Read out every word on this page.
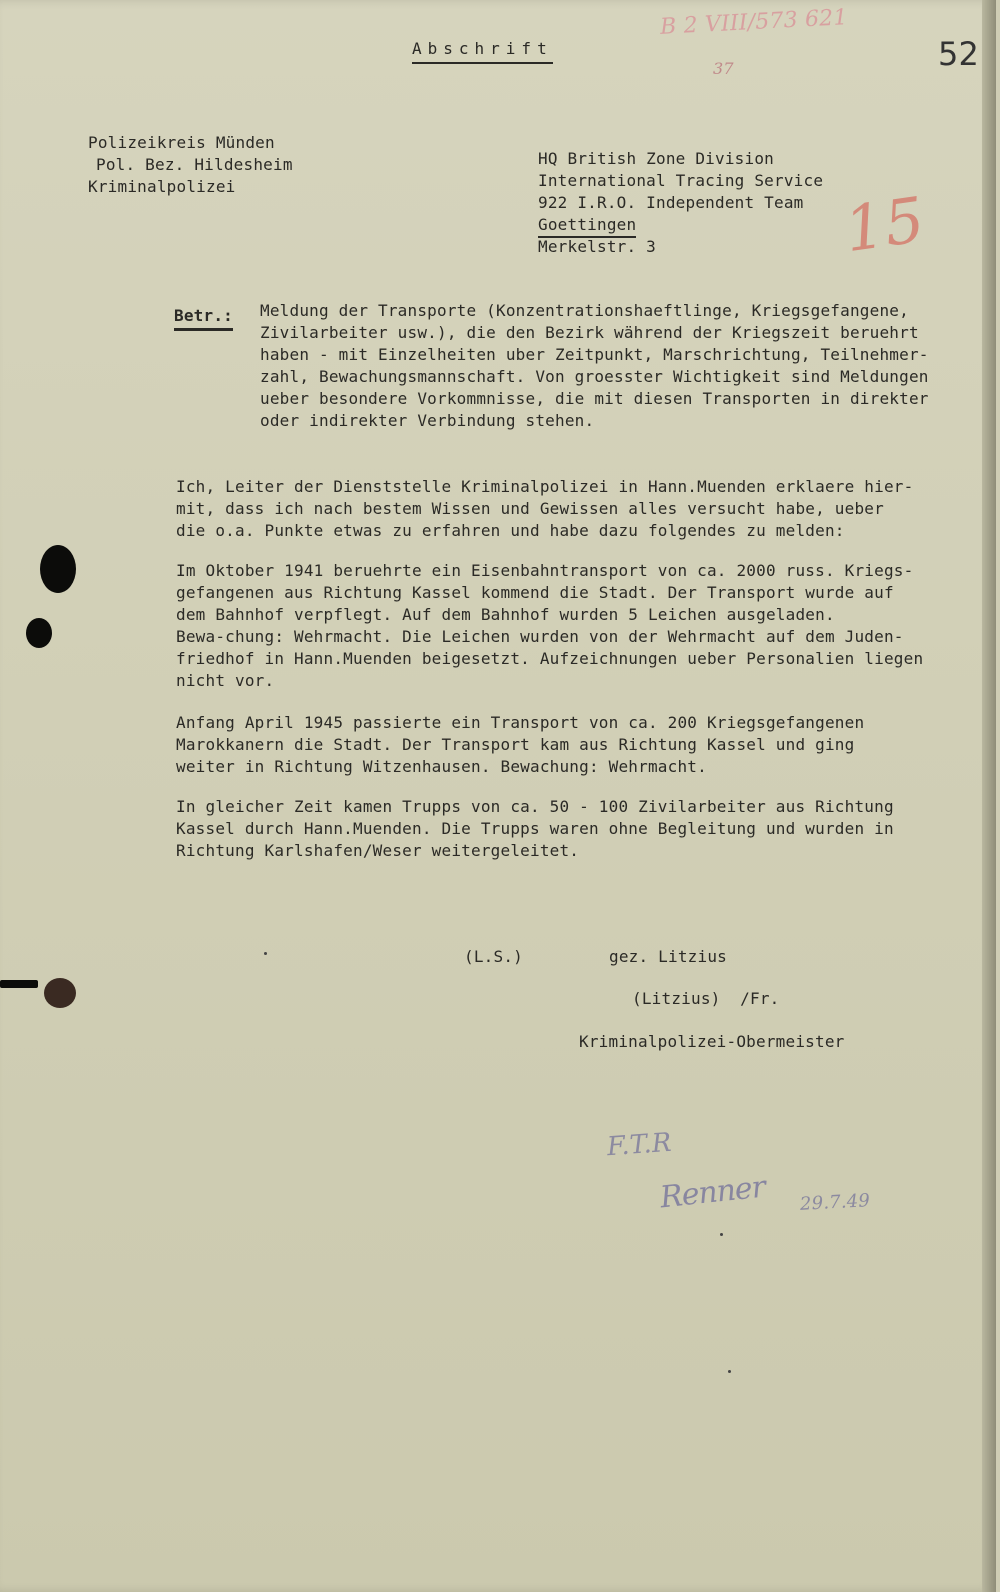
B 2 VIII/573 621
Abschrift	52
37
Polizeikreis Münden
Pol. Bez. Hildesheim
Kriminalpolizei
HQ British Zone Division
International Tracing Service
922 I.R.O. Independent Team
Goettingen
Merkelstr. 3	15
Betr.: Meldung der Transporte (Konzentrationshaeftlinge, Kriegsgefangene,
Zivilarbeiter usw.), die den Bezirk während der Kriegszeit beruehrt
haben - mit Einzelheiten uber Zeitpunkt, Marschrichtung, Teilnehmer-
zahl, Bewachungsmannschaft. Von groesster Wichtigkeit sind Meldungen
ueber besondere Vorkommnisse, die mit diesen Transporten in direkter
oder indirekter Verbindung stehen.
Ich, Leiter der Dienststelle Kriminalpolizei in Hann.Muenden erklaere hier-
mit, dass ich nach bestem Wissen und Gewissen alles versucht habe, ueber
die o.a. Punkte etwas zu erfahren und habe dazu folgendes zu melden:
Im Oktober 1941 beruehrte ein Eisenbahntransport von ca. 2000 russ. Kriegs-
gefangenen aus Richtung Kassel kommend die Stadt. Der Transport wurde auf
dem Bahnhof verpflegt. Auf dem Bahnhof wurden 5 Leichen ausgeladen.
Bewa-chung: Wehrmacht. Die Leichen wurden von der Wehrmacht auf dem Juden-
friedhof in Hann.Muenden beigesetzt. Aufzeichnungen ueber Personalien liegen
nicht vor.
Anfang April 1945 passierte ein Transport von ca. 200 Kriegsgefangenen
Marokkanern die Stadt. Der Transport kam aus Richtung Kassel und ging
weiter in Richtung Witzenhausen. Bewachung: Wehrmacht.
In gleicher Zeit kamen Trupps von ca. 50 - 100 Zivilarbeiter aus Richtung
Kassel durch Hann.Muenden. Die Trupps waren ohne Begleitung und wurden in
Richtung Karlshafen/Weser weitergeleitet.
(L.S.)	gez. Litzius
(Litzius)  /Fr.
Kriminalpolizei-Obermeister
F.T.R
Renner 29.7.49
